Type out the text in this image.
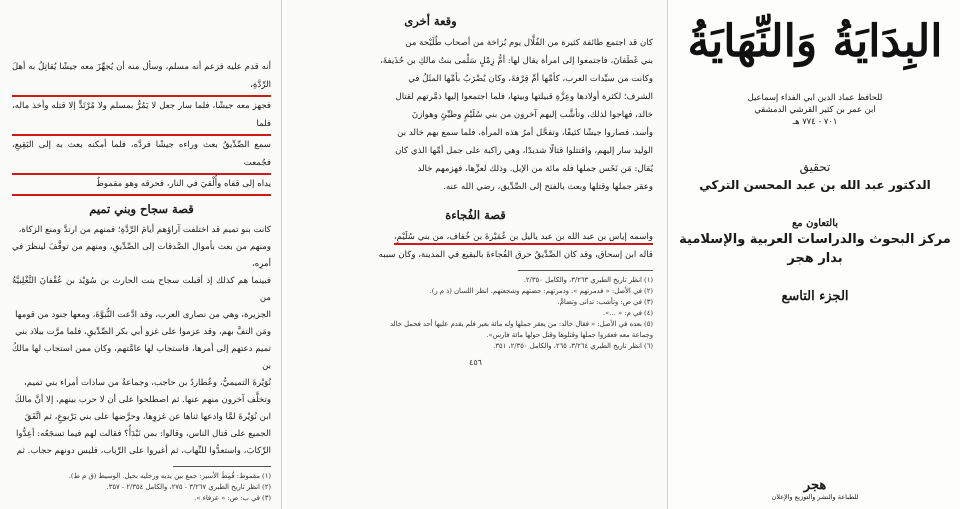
أنه قدم عليه فزعم أنه مسلم، وسأل منه أن يُجهِّزَ معه جيشًا يُقاتِلُ به أهلَ الرِّدَّةِ،

فجهز معه جيشًا، فلما سار جعل لا يَمُرُّ بمسلم ولا مُرْتَدٍّ إلا قتله وأخذ ماله، فلما

سمع الصِّدِّيقُ بعث وراءه جيشًا فردَّه، فلما أمكنه بعث به إلى البَقِيعِ، فجُمعت

يداه إلى قفاه وأُلْقيَ في النار، فحرقه وهو مقموطٌ

قصة سجاح وبني تميم

كانت بنو تميم قد اختلفت آراؤهم أيامَ الرِّدَّةِ؛ فمنهم من ارتدَّ ومنع الزكاة،

ومنهم من بعث بأموال الصَّدقات إلى الصِّدِّيقِ، ومنهم من توقَّفَ لينظرَ في أمرِه،

فبينما هم كذلك إذ أقبلت سجاح بنت الحارث بن سُوَيْد بن عُقْفانَ التَّغْلِبيَّةُ من

الجزيرة، وهي من نصارى العرب، وقد ادَّعت النُّبوَّةَ، ومعها جنود من قومها

ومَن التفَّ بهم، وقد عزموا على غزو أبي بكر الصِّدِّيقِ، فلما مرَّت ببلاد بني

تميم دعتهم إلى أمرها، فاستجاب لها عامَّتهم، وكان ممن استجاب لها مالكُ بن

نُوَيْرةَ التميميُّ، وعُطاردُ بن حاجب، وجماعةٌ من سادات أمراء بني تميم،

وتخلَّف آخرون منهم عنها. ثم اصطلحوا على أن لا حرب بينهم، إلا أنَّ مالكَ

ابن نُوَيْرةَ لمَّا وادعها ثناها عن غزوِها، وحرَّضها على بني يَرْبوعٍ، ثم اتَّفَقَ

الجميع على قتال الناس، وقالوا: بمن نَبْدَأُ؟ فقالت لهم فيما تسجَعُه: أعِدُّوا

الرِّكابَ، واستعدُّوا للنِّهاب، ثم أغيروا على الرِّباب، فليس دونهم حجاب. ثم

(١) مقموط: قُمِطَ الأسير: جمع بين يديه ورجليه بحبل. الوسيط (ق م ط).

(٢) انظر تاريخ الطبري ٣/٢٦٧ - ٢٧٥، والكامل ٢/٣٥٤ - ٣٥٧.

(٣) في ب: ص: « عرفاء ».

وقعة أخرى

كان قد اجتمع طائفة كثيرة من الفُلَّال يوم بُزاخة من أصحاب طُلَيْحة من

بني غَطَفانَ، فاجتمعوا إلى امرأة يقال لها: أمُّ زِمْلٍ سَلْمى بنتُ مالكِ بن حُذَيفةَ،

وكانت من سيِّدات العرب، كأمِّها أمِّ قِرْفةَ، وكان يُضْرَبُ بأمِّها المثَلُ في

الشرف؛ لكثرة أولادها وعِزَّةِ قبيلتها وبيتها، فلما اجتمعوا إليها ذمَّرتهم لقتال

خالد، فهاجوا لذلك، وتأشَّب إليهم آخرون من بني سُلَيْمٍ وطيِّئٍ وهوازنَ

وأسد، فصاروا جيشًا كثيفًا، وتفحَّل أمرُ هذه المرأة، فلما سمع بهم خالد بن

الوليد سار إليهم، واقتتلوا قتالًا شديدًا، وهي راكبة على جمل أمِّها الذي كان

يُقال: مَن نَخَس جملها فله مائة من الإبل. وذلك لعزِّها، فهزمهم خالد

وعقر جملها وقتلها وبعث بالفتح إلى الصِّدِّيق، رضي الله عنه.

قصة الفُجاءة

واسمه إياس بن عبد الله بن عبد ياليل بن عُمَيْرةَ بن خُفاف، من بني سُلَيْمٍ،

قاله ابن إسحاق، وقد كان الصِّدِّيقُ حرق الفُجاءةَ بالبقيع في المدينة، وكان سببه

(١) انظر تاريخ الطبري ٣/٢٦٣، والكامل ٢/٣٥٠.

(٢) في الأصل: « فدمرتهم ». ودمرتهم: حضتهم وشجعتهم. انظر اللسان (ذ م ر).

(٣) في ص: وتأشب: تدانى وتضامَّ.

(٤) في م: « ...».

(٥) بعده في الأصل: « فقال خالد: من يعقر جملها وله مائة بعير فلم يقدم عليها أحد فحمل خالد

وجماعة معه فعقروا جملها وقتلوها وقتل حولها مائة فارس».

(٦) انظر تاريخ الطبري ٣/٢٦٤، ٢٦٥، والكامل ٢/٣٥٠، ٣٥١.

٤٥٦
البِدَايَةُ وَالنِّهَايَةُ
للحافظ عماد الدين ابي الفداء إسماعيل
ابن عمر بن كثير القرشي الدمشقي
٧٠١ - ٧٧٤ هـ
تحقيق
الدكتور عبد الله بن عبد المحسن التركي
بالتعاون مع
مركز البحوث والدراسات العربية والإسلامية
بدار هجر
الجزء التاسع
هجر
للطباعة والنشر والتوزيع والإعلان
